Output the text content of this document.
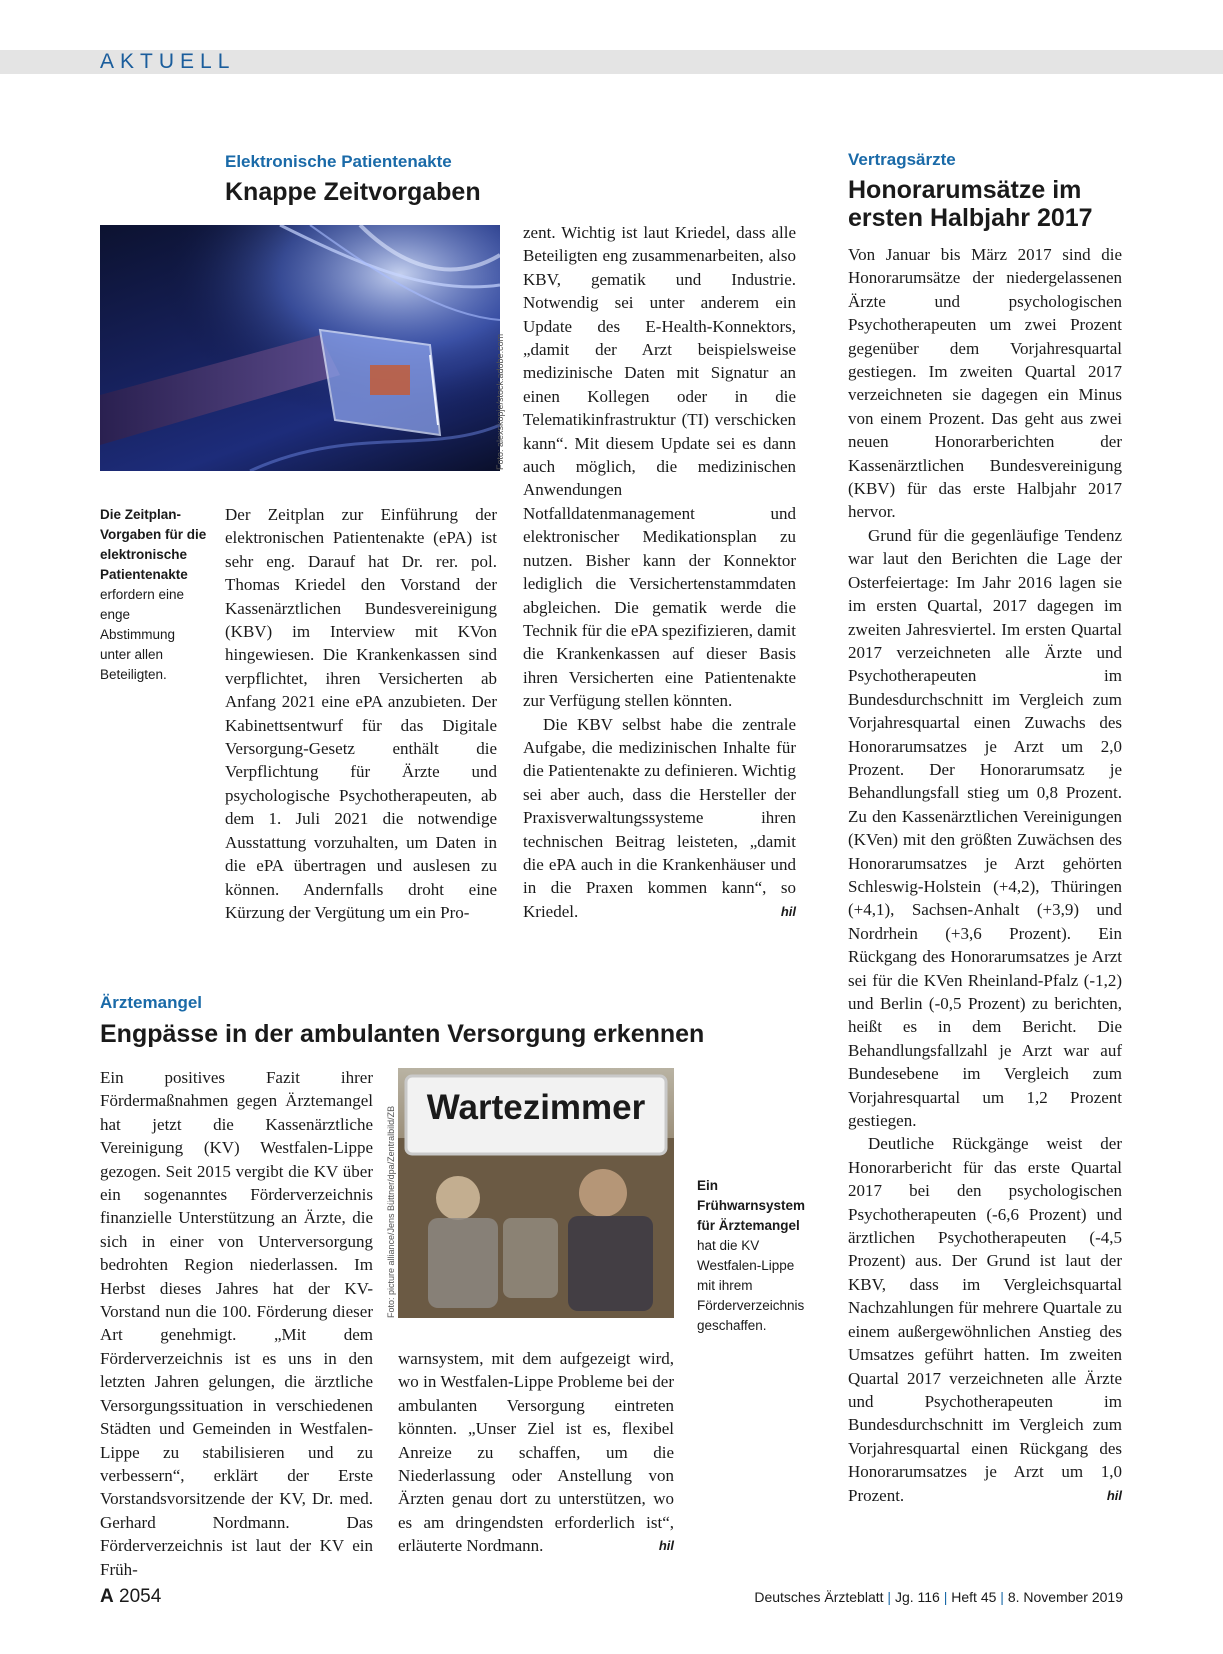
AKTUELL
Elektronische Patientenakte
Knappe Zeitvorgaben
Foto: alexskopje/stock.adobe.com
Die Zeitplan-Vorgaben für die elektronische Patientenakte erfordern eine enge Abstimmung unter allen Beteiligten.

Der Zeitplan zur Einführung der elektronischen Patientenakte (ePA) ist sehr eng. Darauf hat Dr. rer. pol. Thomas Kriedel den Vorstand der Kassenärztlichen Bundesvereinigung (KBV) im Interview mit KVon hingewiesen. Die Krankenkassen sind verpflichtet, ihren Versicherten ab Anfang 2021 eine ePA anzubieten. Der Kabinettsentwurf für das Digitale Versorgung-Gesetz enthält die Verpflichtung für Ärzte und psychologische Psychotherapeuten, ab dem 1. Juli 2021 die notwendige Ausstattung vorzuhalten, um Daten in die ePA übertragen und auslesen zu können. Andernfalls droht eine Kürzung der Vergütung um ein Pro-

zent. Wichtig ist laut Kriedel, dass alle Beteiligten eng zusammenarbeiten, also KBV, gematik und Industrie. Notwendig sei unter anderem ein Update des E-Health-Konnektors, „damit der Arzt beispielsweise medizinische Daten mit Signatur an einen Kollegen oder in die Telematikinfrastruktur (TI) verschicken kann“. Mit diesem Update sei es dann auch möglich, die medizinischen Anwendungen Notfalldatenmanagement und elektronischer Medikationsplan zu nutzen. Bisher kann der Konnektor lediglich die Versichertenstammdaten abgleichen. Die gematik werde die Technik für die ePA spezifizieren, damit die Krankenkassen auf dieser Basis ihren Versicherten eine Patientenakte zur Verfügung stellen könnten.

Die KBV selbst habe die zentrale Aufgabe, die medizinischen Inhalte für die Patientenakte zu definieren. Wichtig sei aber auch, dass die Hersteller der Praxisverwaltungssysteme ihren technischen Beitrag leisteten, „damit die ePA auch in die Krankenhäuser und in die Praxen kommen kann“, so Kriedel.	hil

Vertragsärzte
Honorarumsätze im ersten Halbjahr 2017

Von Januar bis März 2017 sind die Honorarumsätze der niedergelassenen Ärzte und psychologischen Psychotherapeuten um zwei Prozent gegenüber dem Vorjahresquartal gestiegen. Im zweiten Quartal 2017 verzeichneten sie dagegen ein Minus von einem Prozent. Das geht aus zwei neuen Honorarberichten der Kassenärztlichen Bundesvereinigung (KBV) für das erste Halbjahr 2017 hervor.

Grund für die gegenläufige Tendenz war laut den Berichten die Lage der Osterfeiertage: Im Jahr 2016 lagen sie im ersten Quartal, 2017 dagegen im zweiten Jahresviertel. Im ersten Quartal 2017 verzeichneten alle Ärzte und Psychotherapeuten im Bundesdurchschnitt im Vergleich zum Vorjahresquartal einen Zuwachs des Honorarumsatzes je Arzt um 2,0 Prozent. Der Honorarumsatz je Behandlungsfall stieg um 0,8 Prozent. Zu den Kassenärztlichen Vereinigungen (KVen) mit den größten Zuwächsen des Honorarumsatzes je Arzt gehörten Schleswig-Holstein (+4,2), Thüringen (+4,1), Sachsen-Anhalt (+3,9) und Nordrhein (+3,6 Prozent). Ein Rückgang des Honorarumsatzes je Arzt sei für die KVen Rheinland-Pfalz (-1,2) und Berlin (-0,5 Prozent) zu berichten, heißt es in dem Bericht. Die Behandlungsfallzahl je Arzt war auf Bundesebene im Vergleich zum Vorjahresquartal um 1,2 Prozent gestiegen.

Deutliche Rückgänge weist der Honorarbericht für das erste Quartal 2017 bei den psychologischen Psychotherapeuten (-6,6 Prozent) und ärztlichen Psychotherapeuten (-4,5 Prozent) aus. Der Grund ist laut der KBV, dass im Vergleichsquartal Nachzahlungen für mehrere Quartale zu einem außergewöhnlichen Anstieg des Umsatzes geführt hatten. Im zweiten Quartal 2017 verzeichneten alle Ärzte und Psychotherapeuten im Bundesdurchschnitt im Vergleich zum Vorjahresquartal einen Rückgang des Honorarumsatzes je Arzt um 1,0 Prozent.	hil

Ärztemangel
Engpässe in der ambulanten Versorgung erkennen

Ein positives Fazit ihrer Fördermaßnahmen gegen Ärztemangel hat jetzt die Kassenärztliche Vereinigung (KV) Westfalen-Lippe gezogen. Seit 2015 vergibt die KV über ein sogenanntes Förderverzeichnis finanzielle Unterstützung an Ärzte, die sich in einer von Unterversorgung bedrohten Region niederlassen. Im Herbst dieses Jahres hat der KV-Vorstand nun die 100. Förderung dieser Art genehmigt. „Mit dem Förderverzeichnis ist es uns in den letzten Jahren gelungen, die ärztliche Versorgungssituation in verschiedenen Städten und Gemeinden in Westfalen-Lippe zu stabilisieren und zu verbessern“, erklärt der Erste Vorstandsvorsitzende der KV, Dr. med. Gerhard Nordmann. Das Förderverzeichnis ist laut der KV ein Früh-

Foto: picture alliance/Jens Büttner/dpa/Zentralbild/ZB Wartezimmer
Ein Frühwarnsystem für Ärztemangel hat die KV Westfalen-Lippe mit ihrem Förderverzeichnis geschaffen.

warnsystem, mit dem aufgezeigt wird, wo in Westfalen-Lippe Probleme bei der ambulanten Versorgung eintreten könnten. „Unser Ziel ist es, flexibel Anreize zu schaffen, um die Niederlassung oder Anstellung von Ärzten genau dort zu unterstützen, wo es am dringendsten erforderlich ist“, erläuterte Nordmann.	hil

A 2054	Deutsches Ärzteblatt | Jg. 116 | Heft 45 | 8. November 2019
